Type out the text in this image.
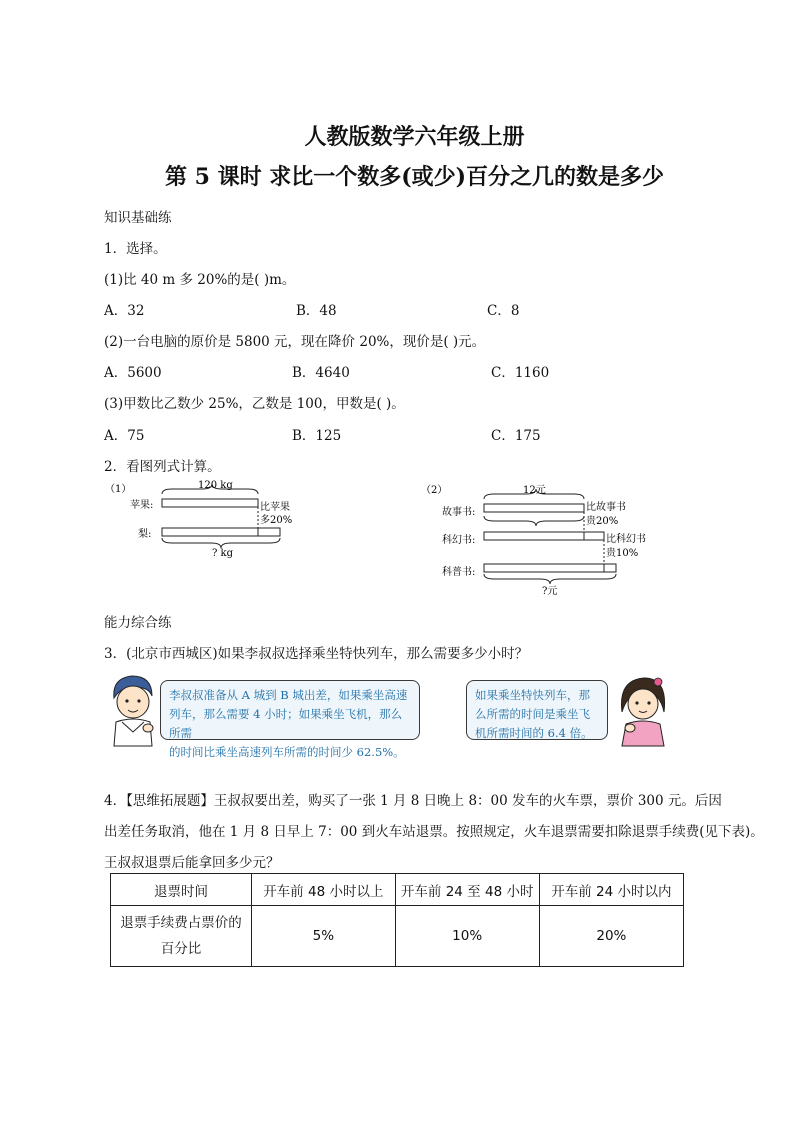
人教版数学六年级上册
第 5 课时 求比一个数多(或少)百分之几的数是多少
知识基础练
1．选择。
(1)比 40 m 多 20%的是( )m。
A．32	B．48	C．8
(2)一台电脑的原价是 5800 元，现在降价 20%，现价是( )元。
A．5600	B．4640	C．1160
(3)甲数比乙数少 25%，乙数是 100，甲数是( )。
A．75	B．125	C．175
2．看图列式计算。
（1）	120 kg
苹果:
梨:
比苹果
多20%
? kg
（2）	12元
故事书:
科幻书:
科普书:
比故事书
贵20%
比科幻书
贵10%
?元
能力综合练
3．(北京市西城区)如果李叔叔选择乘坐特快列车，那么需要多少小时？
李叔叔准备从 A 城到 B 城出差，如果乘坐高速
列车，那么需要 4 小时；如果乘坐飞机，那么所需
的时间比乘坐高速列车所需的时间少 62.5%。
如果乘坐特快列车，那
么所需的时间是乘坐飞
机所需时间的 6.4 倍。
4．【思维拓展题】王叔叔要出差，购买了一张 1 月 8 日晚上 8：00 发车的火车票，票价 300 元。后因
出差任务取消，他在 1 月 8 日早上 7：00 到火车站退票。按照规定，火车退票需要扣除退票手续费(见下表)。
王叔叔退票后能拿回多少元？
退票时间	开车前 48 小时以上	开车前 24 至 48 小时	开车前 24 小时以内

退票手续费占票价的
百分比	5%	10%	20%
